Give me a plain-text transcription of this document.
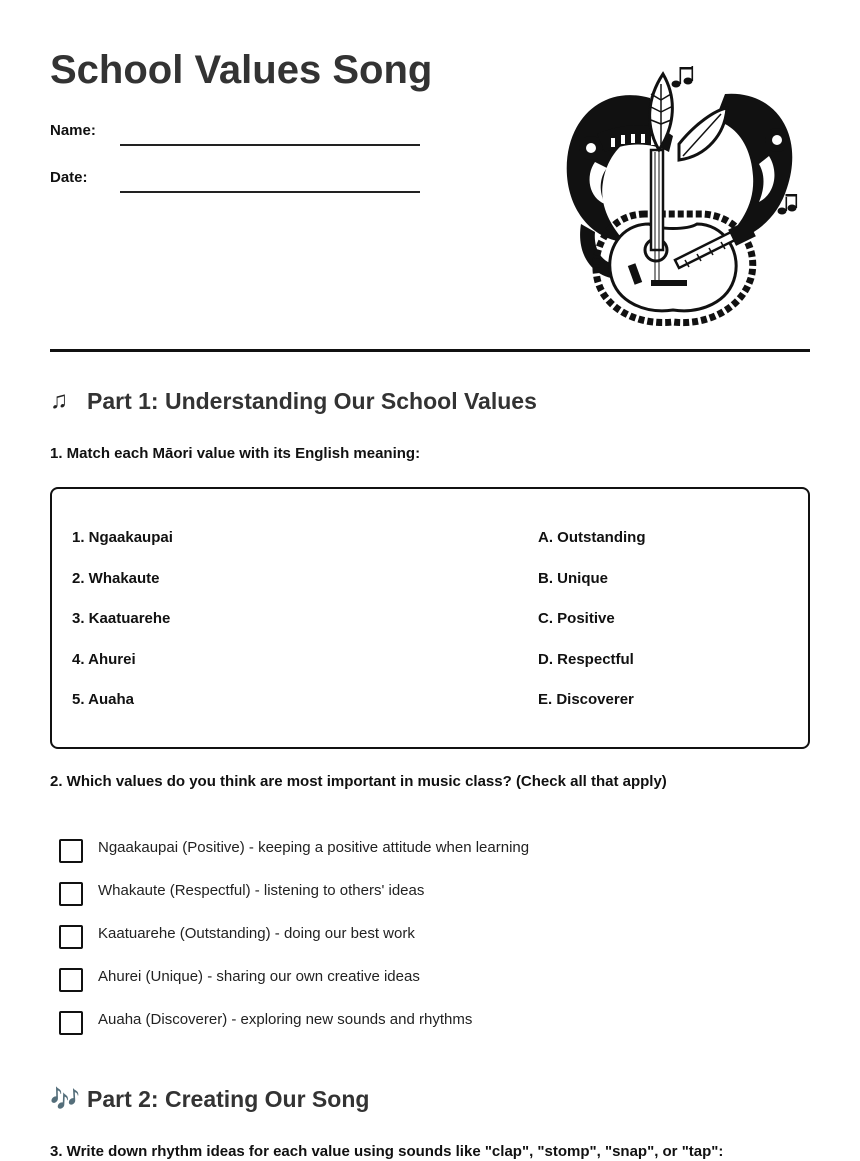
School Values Song
Name:
Date:
♫ Part 1: Understanding Our School Values

1. Match each Māori value with its English meaning:

1. Ngaakaupai
2. Whakaute
3. Kaatuarehe
4. Ahurei
5. Auaha
A. Outstanding
B. Unique
C. Positive
D. Respectful
E. Discoverer

2. Which values do you think are most important in music class? (Check all that apply)

Ngaakaupai (Positive) - keeping a positive attitude when learning
Whakaute (Respectful) - listening to others' ideas
Kaatuarehe (Outstanding) - doing our best work
Ahurei (Unique) - sharing our own creative ideas
Auaha (Discoverer) - exploring new sounds and rhythms
🎶 Part 2: Creating Our Song

3. Write down rhythm ideas for each value using sounds like "clap", "stomp", "snap", or "tap":
